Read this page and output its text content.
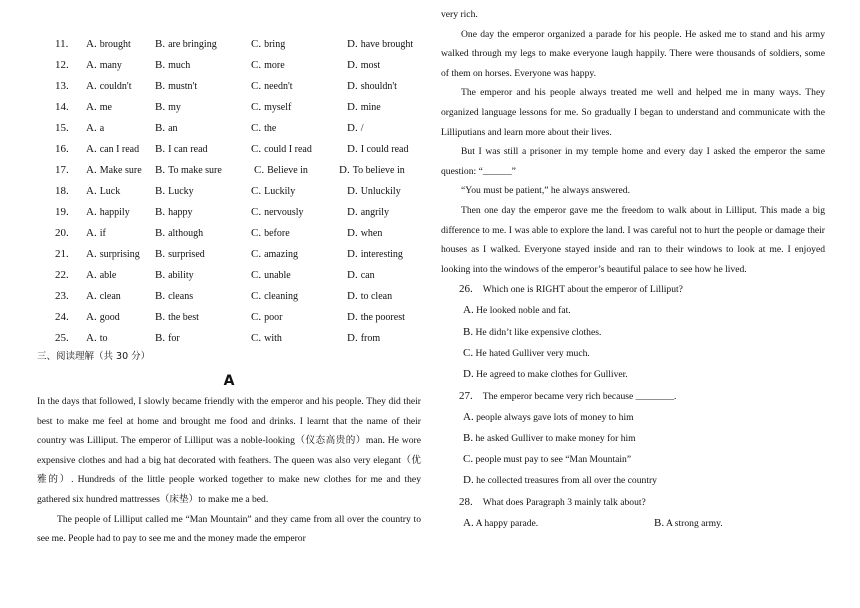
11. A. brought B. are bringing	C. bring	D. have brought
12. A. many	B. much	C. more	D. most
13. A. couldn't B. mustn't	C. needn't	D. shouldn't
14. A. me	B. my	C. myself	D. mine
15. A. a	B. an	C. the	D. /
16. A. can I read B. I can read	C. could I read	D. I could read
17. A. Make sure B. To make sure	C. Believe in	D. To believe in
18. A. Luck	B. Lucky	C. Luckily	D. Unluckily
19. A. happily B. happy	C. nervously	D. angrily
20. A. if	B. although	C. before	D. when
21. A. surprising B. surprised	C. amazing	D. interesting
22. A. able	B. ability	C. unable	D. can
23. A. clean	B. cleans	C. cleaning	D. to clean
24. A. good	B. the best	C. poor	D. the poorest
25. A. to	B. for	C. with	D. from
三、阅读理解（共 30 分）
A

In the days that followed, I slowly became friendly with the emperor and his people. They did their best to make me feel at home and brought me food and drinks. I learnt that the name of their country was Lilliput. The emperor of Lilliput was a noble-looking（仪态高贵的）man. He wore expensive clothes and had a big hat decorated with feathers. The queen was also very elegant（优雅的）. Hundreds of the little people worked together to make new clothes for me and they gathered six hundred mattresses（床垫）to make me a bed.

The people of Lilliput called me “Man Mountain” and they came from all over the country to see me. People had to pay to see me and the money made the emperor

very rich.

One day the emperor organized a parade for his people. He asked me to stand and his army walked through my legs to make everyone laugh happily. There were thousands of soldiers, some of them on horses. Everyone was happy.

The emperor and his people always treated me well and helped me in many ways. They organized language lessons for me. So gradually I began to understand and communicate with the Lilliputians and learn more about their lives.

But I was still a prisoner in my temple home and every day I asked the emperor the same question: “______”

“You must be patient,” he always answered.

Then one day the emperor gave me the freedom to walk about in Lilliput. This made a big difference to me. I was able to explore the land. I was careful not to hurt the people or damage their houses as I walked. Everyone stayed inside and ran to their windows to look at me. I enjoyed looking into the windows of the emperor’s beautiful palace to see how he lived.

26. Which one is RIGHT about the emperor of Lilliput?
A. He looked noble and fat.
B. He didn’t like expensive clothes.
C. He hated Gulliver very much.
D. He agreed to make clothes for Gulliver.
27. The emperor became very rich because ________.
A. people always gave lots of money to him
B. he asked Gulliver to make money for him
C. people must pay to see “Man Mountain”
D. he collected treasures from all over the country
28. What does Paragraph 3 mainly talk about?
A. A happy parade.	B. A strong army.
